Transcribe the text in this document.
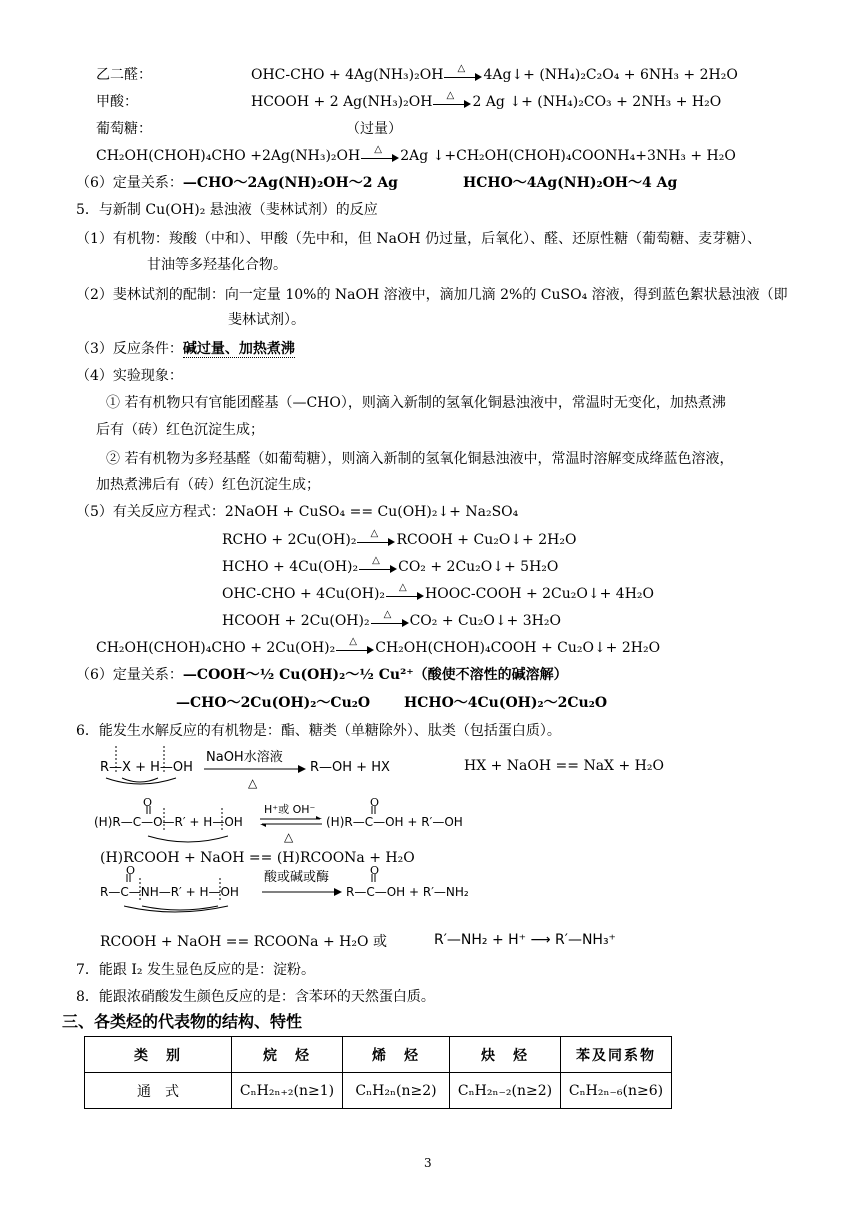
乙二醛：	OHC-CHO + 4Ag(NH₃)₂OH △ 4Ag↓+ (NH₄)₂C₂O₄ + 6NH₃ + 2H₂O
甲酸：	HCOOH + 2 Ag(NH₃)₂OH △ 2 Ag ↓+ (NH₄)₂CO₃ + 2NH₃ + H₂O
葡萄糖：	（过量）
CH₂OH(CHOH)₄CHO +2Ag(NH₃)₂OH △ 2Ag ↓+CH₂OH(CHOH)₄COONH₄+3NH₃ + H₂O
（6）定量关系：—CHO～2Ag(NH)₂OH～2 Ag	HCHO～4Ag(NH)₂OH～4 Ag
5．与新制 Cu(OH)₂ 悬浊液（斐林试剂）的反应
（1）有机物：羧酸（中和）、甲酸（先中和，但 NaOH 仍过量，后氧化）、醛、还原性糖（葡萄糖、麦芽糖）、
甘油等多羟基化合物。
（2）斐林试剂的配制：向一定量 10%的 NaOH 溶液中，滴加几滴 2%的 CuSO₄ 溶液，得到蓝色絮状悬浊液（即
斐林试剂）。
（3）反应条件：碱过量、加热煮沸
（4）实验现象：
① 若有机物只有官能团醛基（—CHO），则滴入新制的氢氧化铜悬浊液中，常温时无变化，加热煮沸
后有（砖）红色沉淀生成；
② 若有机物为多羟基醛（如葡萄糖），则滴入新制的氢氧化铜悬浊液中，常温时溶解变成绛蓝色溶液，
加热煮沸后有（砖）红色沉淀生成；
（5）有关反应方程式：2NaOH + CuSO₄ == Cu(OH)₂↓+ Na₂SO₄
RCHO + 2Cu(OH)₂ △ RCOOH + Cu₂O↓+ 2H₂O
HCHO + 4Cu(OH)₂ △ CO₂ + 2Cu₂O↓+ 5H₂O
OHC-CHO + 4Cu(OH)₂ △ HOOC-COOH + 2Cu₂O↓+ 4H₂O
HCOOH + 2Cu(OH)₂ △ CO₂ + Cu₂O↓+ 3H₂O
CH₂OH(CHOH)₄CHO + 2Cu(OH)₂ △ CH₂OH(CHOH)₄COOH + Cu₂O↓+ 2H₂O
（6）定量关系：—COOH～½ Cu(OH)₂～½ Cu²⁺（酸使不溶性的碱溶解）
—CHO～2Cu(OH)₂～Cu₂O HCHO～4Cu(OH)₂～2Cu₂O
6．能发生水解反应的有机物是：酯、糖类（单糖除外）、肽类（包括蛋白质）。
R—X + H—OH
NaOH水溶液
△
R—OH + HX	HX + NaOH == NaX + H₂O
O
(H)R—C—O—R′ + H—OH
H⁺或 OH⁻
△
O
(H)R—C—OH + R′—OH
(H)RCOOH + NaOH == (H)RCOONa + H₂O
O
R—C—NH—R′ + H—OH
酸或碱或酶	O
R—C—OH + R′—NH₂
RCOOH + NaOH == RCOONa + H₂O 或	R′—NH₂ + H⁺ ⟶ R′—NH₃⁺
7．能跟 I₂ 发生显色反应的是：淀粉。
8．能跟浓硝酸发生颜色反应的是：含苯环的天然蛋白质。
三、各类烃的代表物的结构、特性
类　别	烷　烃	烯　烃	炔　烃	苯及同系物
通　式	CₙH₂ₙ₊₂(n≥1)	CₙH₂ₙ(n≥2)	CₙH₂ₙ₋₂(n≥2)	CₙH₂ₙ₋₆(n≥6)
3
